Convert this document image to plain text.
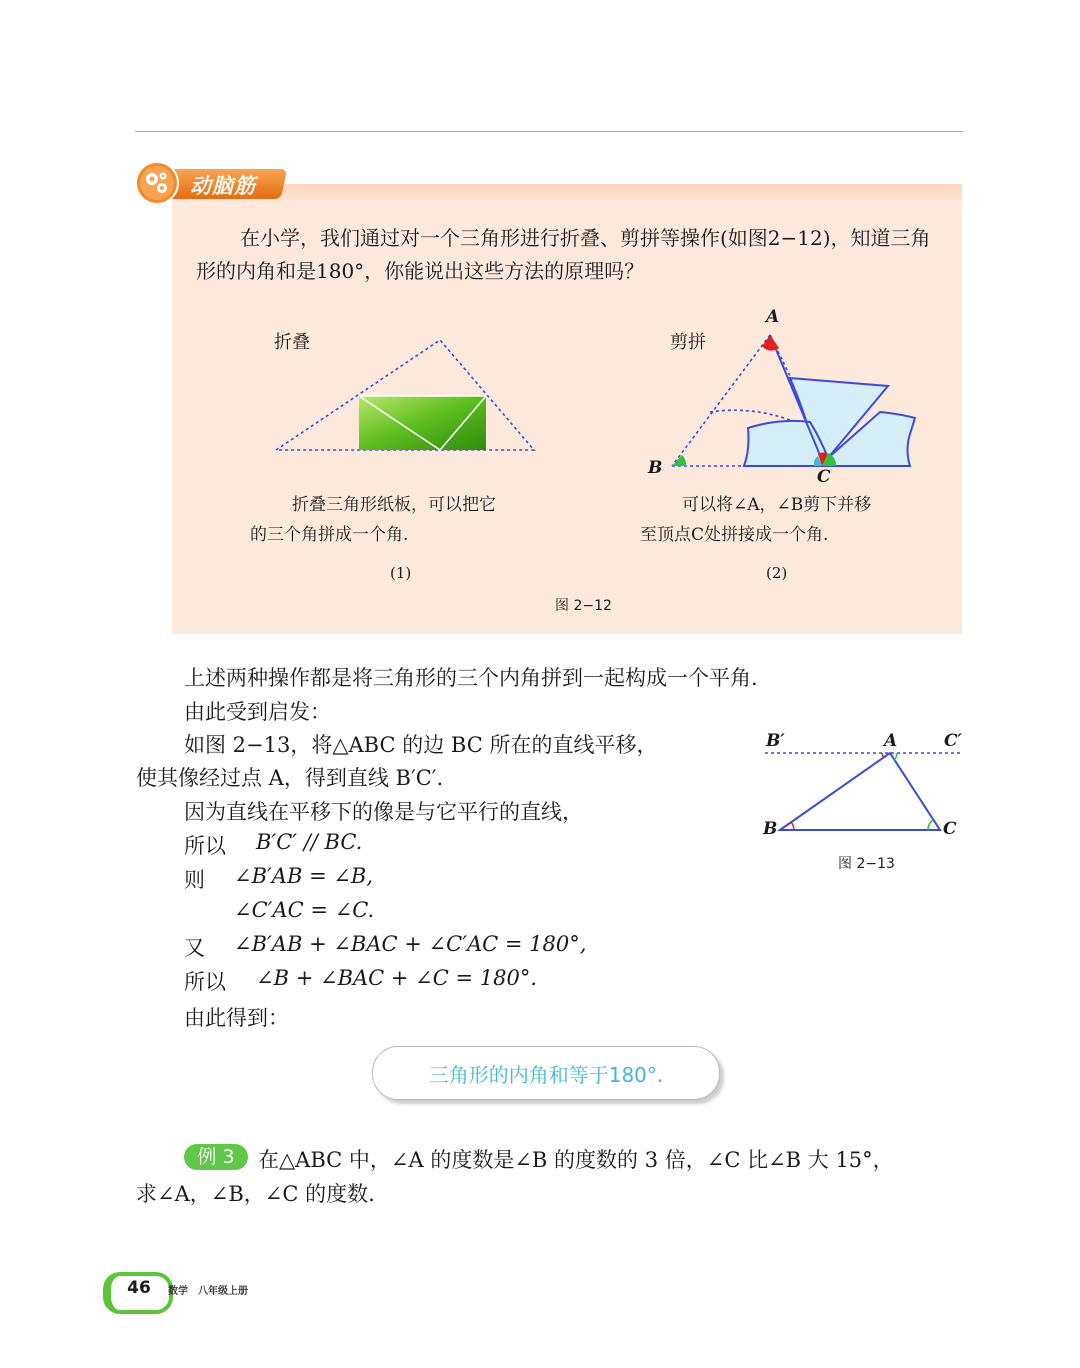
动脑筋
在小学，我们通过对一个三角形进行折叠、剪拼等操作(如图2−12)，知道三角形的内角和是180°，你能说出这些方法的原理吗？
折叠
折叠三角形纸板，可以把它
的三个角拼成一个角.
(1)
剪拼
A
B	C
可以将∠A，∠B剪下并移
至顶点C处拼接成一个角.
(2)
图 2−12
上述两种操作都是将三角形的三个内角拼到一起构成一个平角.
由此受到启发：
如图 2−13，将△ABC 的边 BC 所在的直线平移，
使其像经过点 A，得到直线 B′C′.
因为直线在平移下的像是与它平行的直线，
所以 B′C′ // BC.
则 ∠B′AB = ∠B,
∠C′AC = ∠C.
又 ∠B′AB + ∠BAC + ∠C′AC = 180°,
所以 ∠B + ∠BAC + ∠C = 180°.
由此得到：
B′	A	C′
B	C
图 2−13
三角形的内角和等于180°.
例 3	在△ABC 中，∠A 的度数是∠B 的度数的 3 倍，∠C 比∠B 大 15°，
求∠A，∠B，∠C 的度数.
46	数学　八年级上册
